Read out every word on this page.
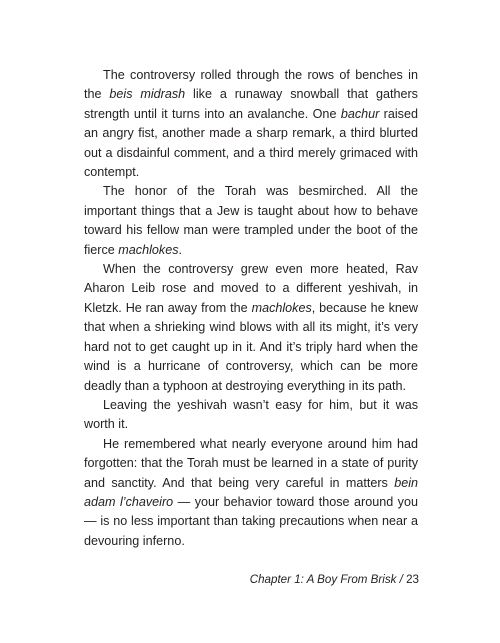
The controversy rolled through the rows of benches in the beis midrash like a runaway snowball that gathers strength until it turns into an avalanche. One bachur raised an angry fist, another made a sharp remark, a third blurted out a disdainful comment, and a third merely grimaced with contempt.

The honor of the Torah was besmirched. All the important things that a Jew is taught about how to behave toward his fellow man were trampled under the boot of the fierce machlokes.

When the controversy grew even more heated, Rav Aharon Leib rose and moved to a different yeshivah, in Kletzk. He ran away from the machlokes, because he knew that when a shrieking wind blows with all its might, it’s very hard not to get caught up in it. And it’s triply hard when the wind is a hurricane of controversy, which can be more deadly than a typhoon at destroying everything in its path.

Leaving the yeshivah wasn’t easy for him, but it was worth it.

He remembered what nearly everyone around him had forgotten: that the Torah must be learned in a state of purity and sanctity. And that being very careful in matters bein adam l’chaveiro — your behavior toward those around you — is no less important than taking precautions when near a devouring inferno.

Chapter 1: A Boy From Brisk / 23
